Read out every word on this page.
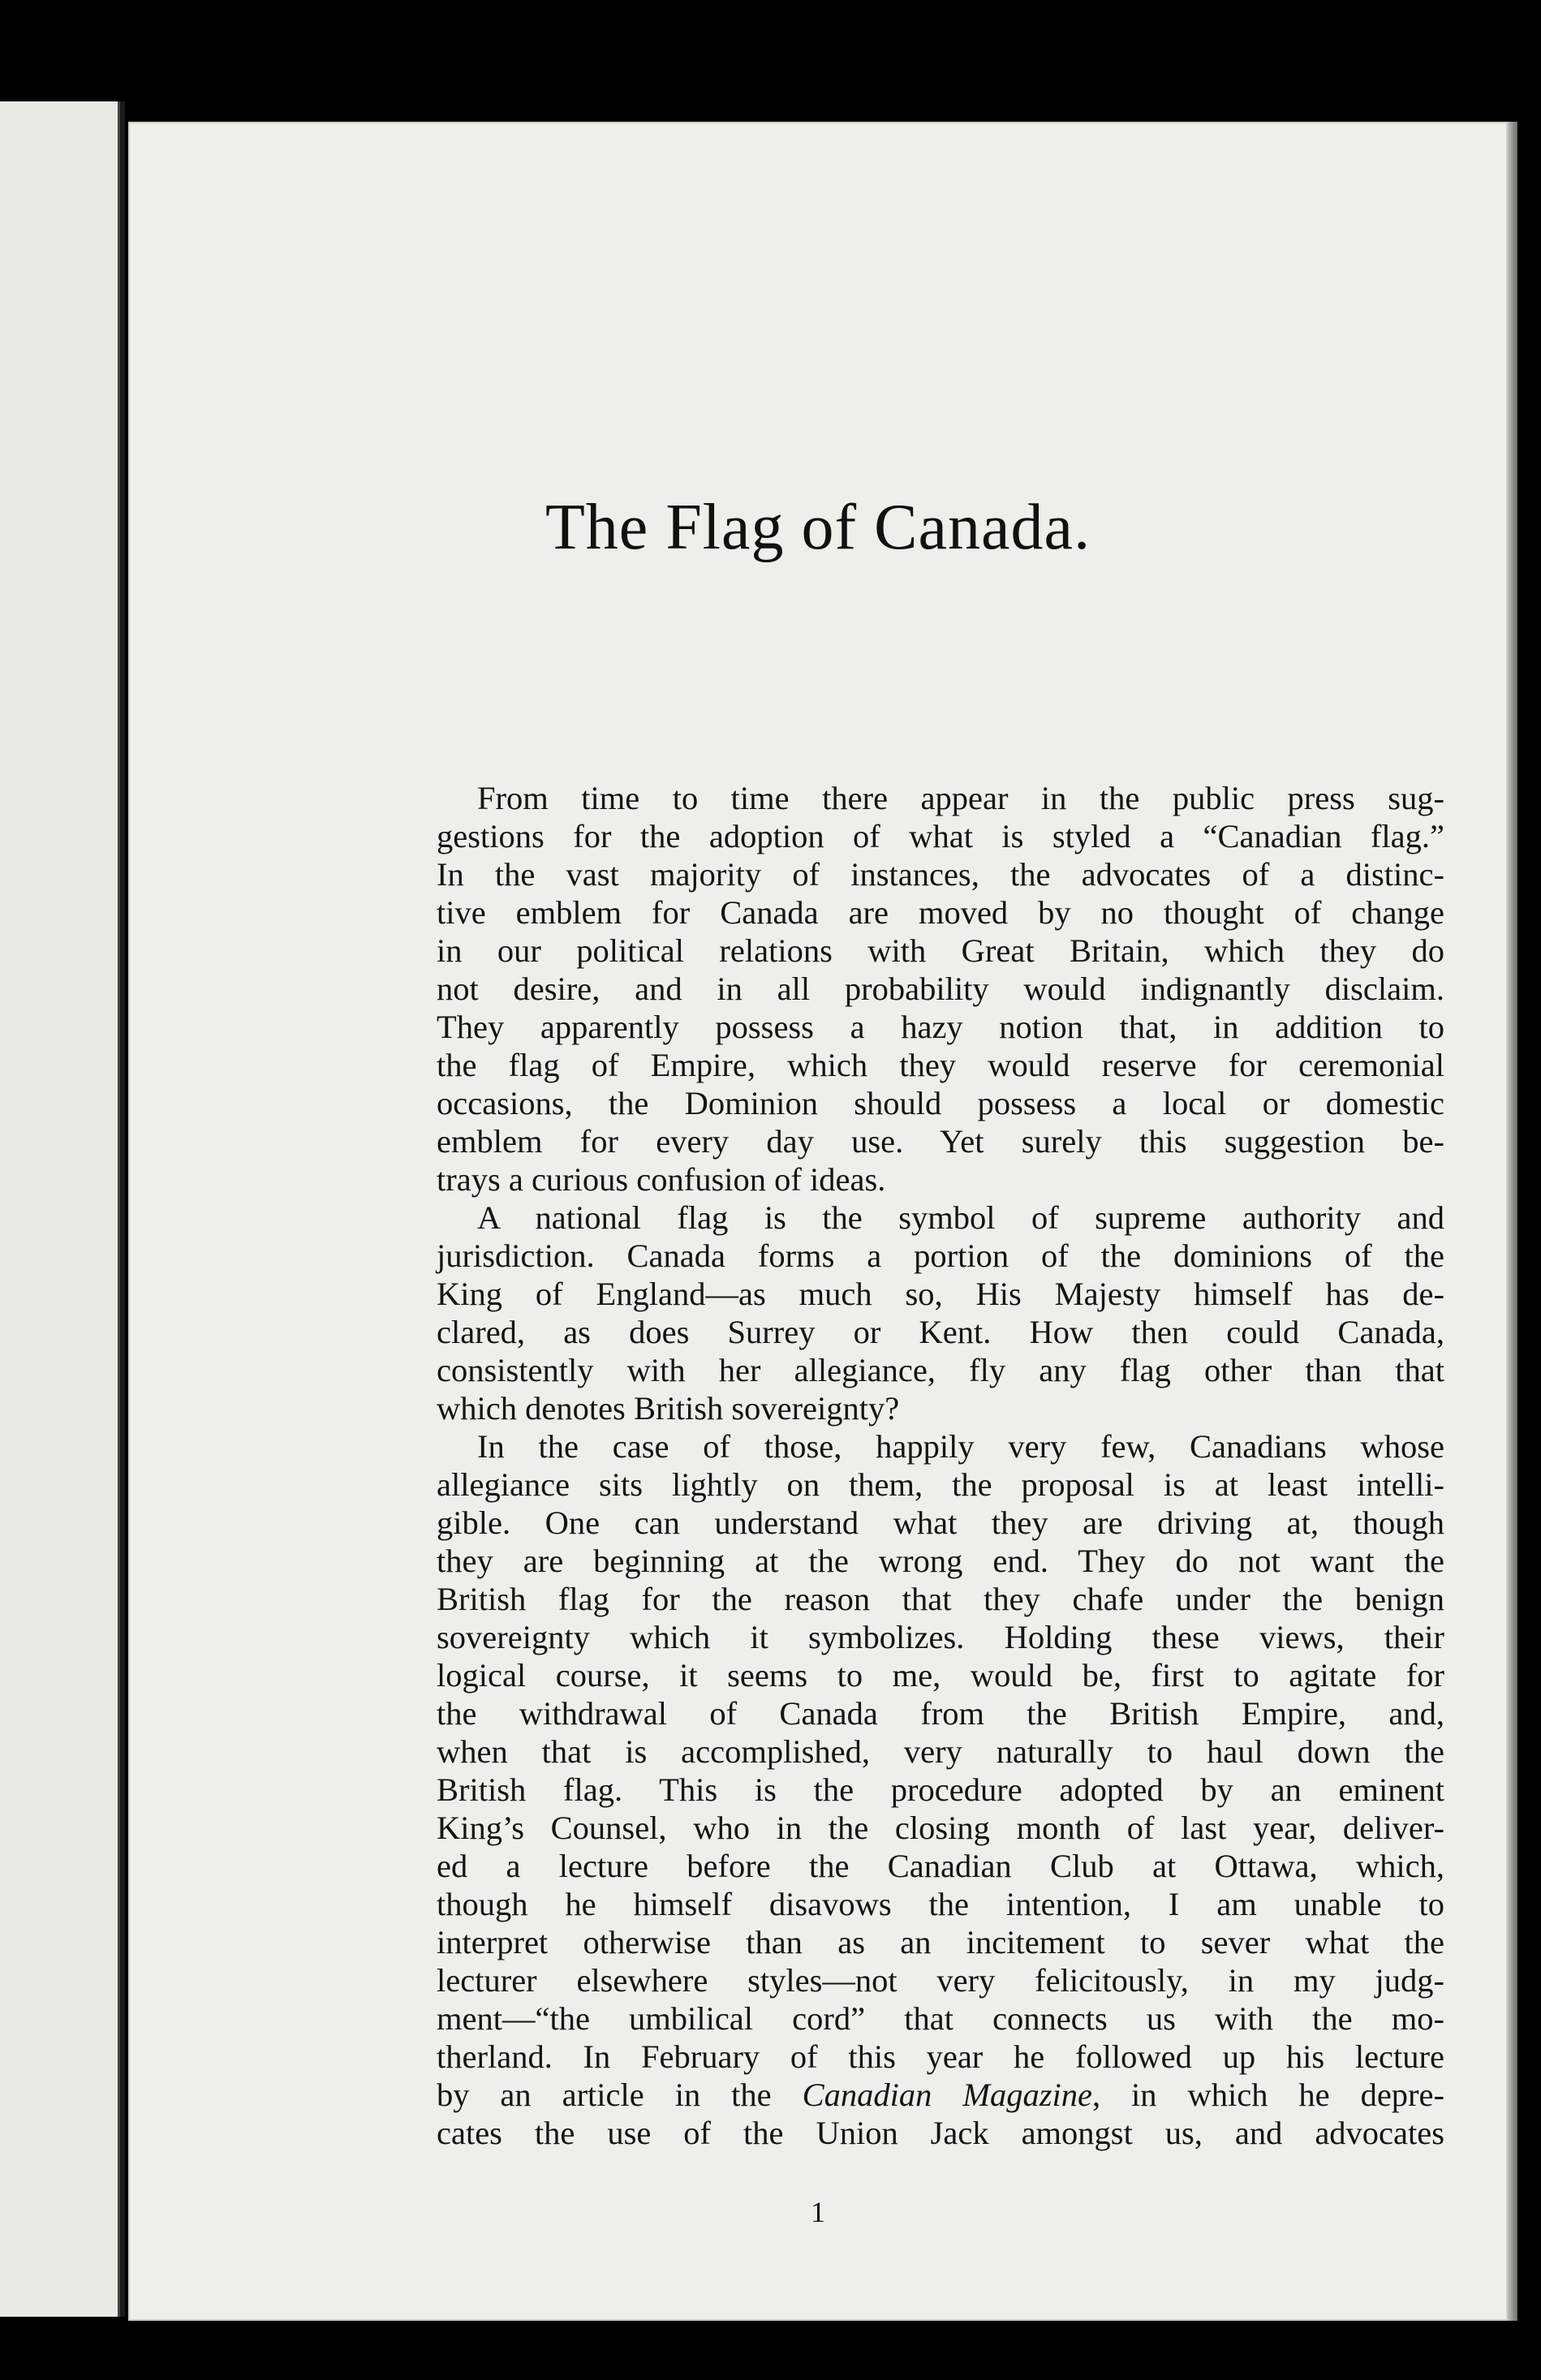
The Flag of Canada.
From time to time there appear in the public press sug-
gestions for the adoption of what is styled a “Canadian flag.”
In the vast majority of instances, the advocates of a distinc-
tive emblem for Canada are moved by no thought of change
in our political relations with Great Britain, which they do
not desire, and in all probability would indignantly disclaim.
They apparently possess a hazy notion that, in addition to
the flag of Empire, which they would reserve for ceremonial
occasions, the Dominion should possess a local or domestic
emblem for every day use. Yet surely this suggestion be-
trays a curious confusion of ideas.
A national flag is the symbol of supreme authority and
jurisdiction. Canada forms a portion of the dominions of the
King of England—as much so, His Majesty himself has de-
clared, as does Surrey or Kent. How then could Canada,
consistently with her allegiance, fly any flag other than that
which denotes British sovereignty?
In the case of those, happily very few, Canadians whose
allegiance sits lightly on them, the proposal is at least intelli-
gible. One can understand what they are driving at, though
they are beginning at the wrong end. They do not want the
British flag for the reason that they chafe under the benign
sovereignty which it symbolizes. Holding these views, their
logical course, it seems to me, would be, first to agitate for
the withdrawal of Canada from the British Empire, and,
when that is accomplished, very naturally to haul down the
British flag. This is the procedure adopted by an eminent
King’s Counsel, who in the closing month of last year, deliver-
ed a lecture before the Canadian Club at Ottawa, which,
though he himself disavows the intention, I am unable to
interpret otherwise than as an incitement to sever what the
lecturer elsewhere styles—not very felicitously, in my judg-
ment—“the umbilical cord” that connects us with the mo-
therland. In February of this year he followed up his lecture
by an article in the Canadian Magazine, in which he depre-
cates the use of the Union Jack amongst us, and advocates
1
